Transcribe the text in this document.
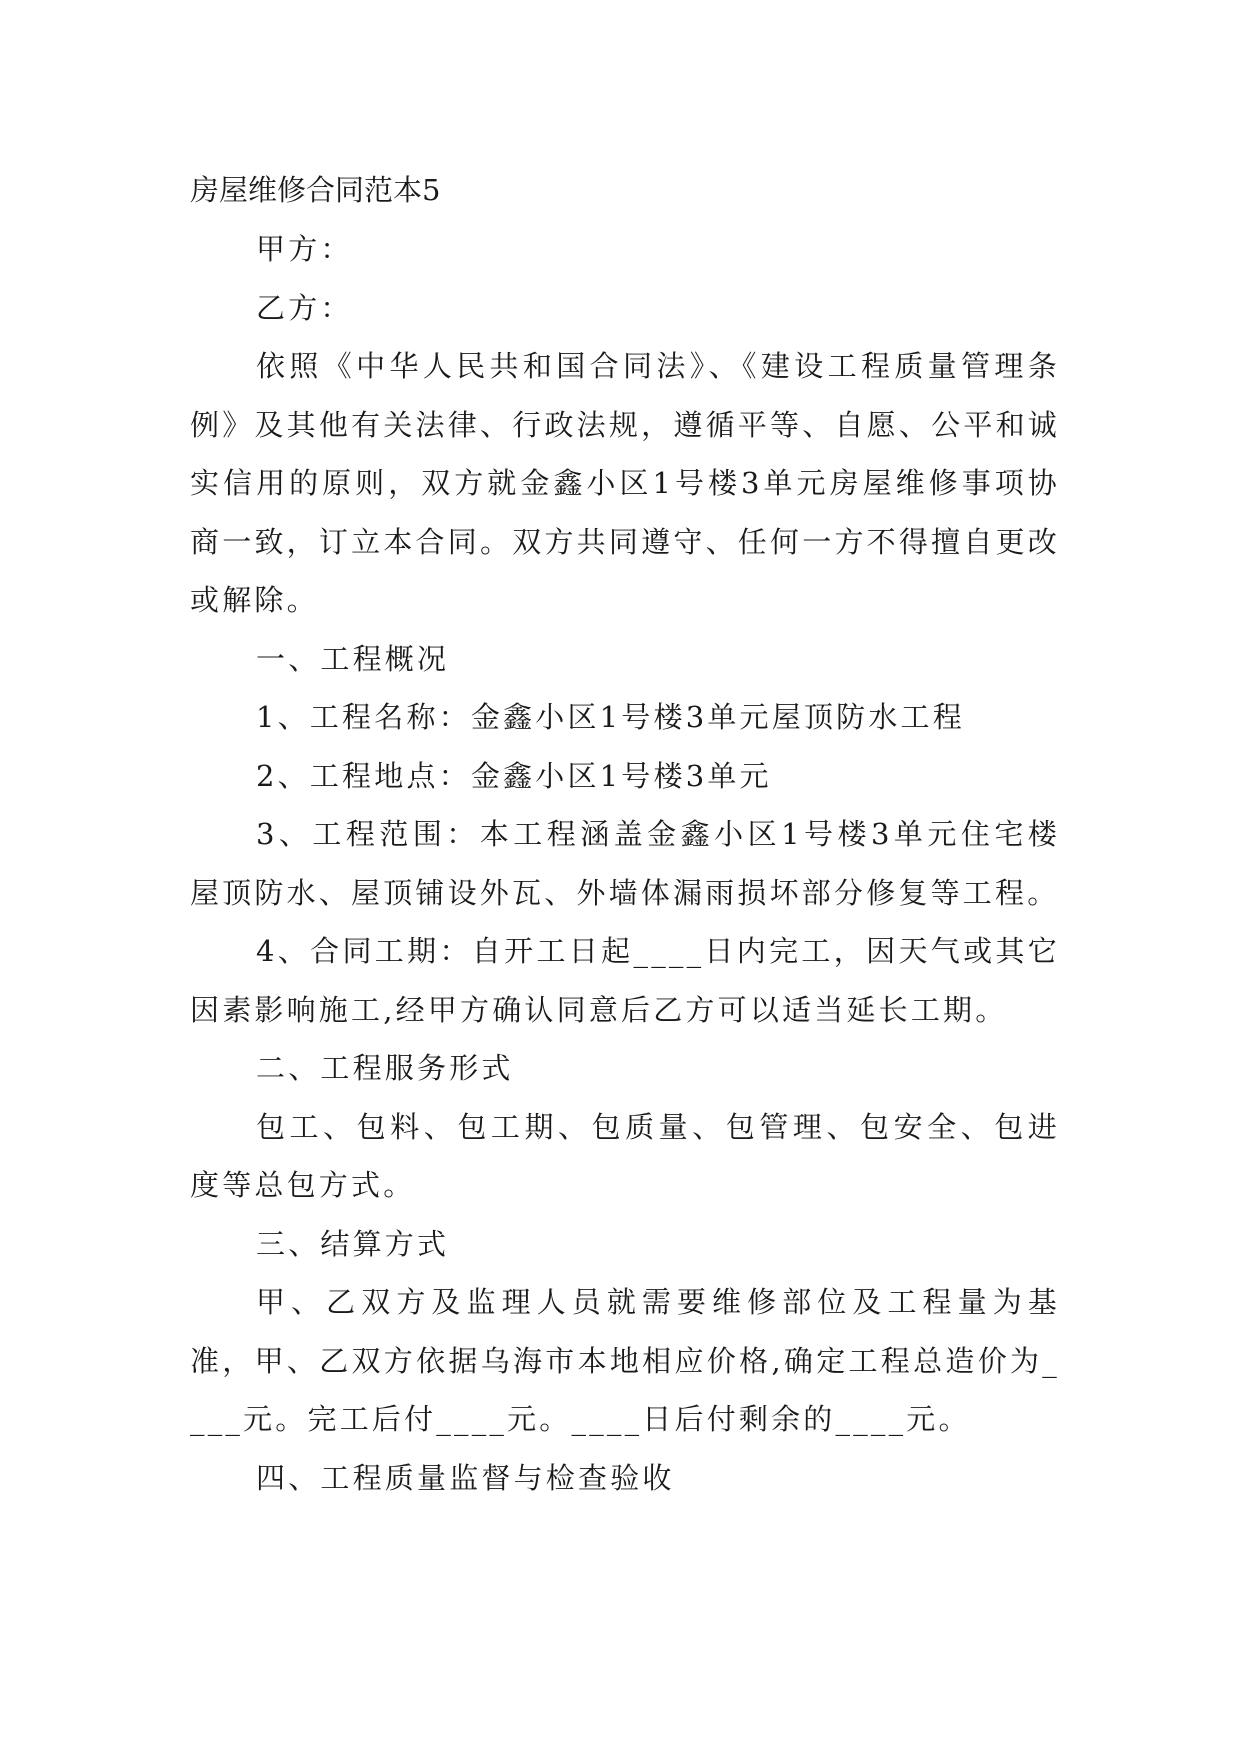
房屋维修合同范本5

甲方：

乙方：

依照《中华人民共和国合同法》、《建设工程质量管理条例》及其他有关法律、行政法规，遵循平等、自愿、公平和诚实信用的原则，双方就金鑫小区1号楼3单元房屋维修事项协商一致，订立本合同。双方共同遵守、任何一方不得擅自更改或解除。

一、工程概况

1、工程名称：金鑫小区1号楼3单元屋顶防水工程

2、工程地点：金鑫小区1号楼3单元

3、工程范围：本工程涵盖金鑫小区1号楼3单元住宅楼屋顶防水、屋顶铺设外瓦、外墙体漏雨损坏部分修复等工程。

4、合同工期：自开工日起____日内完工，因天气或其它因素影响施工,经甲方确认同意后乙方可以适当延长工期。

二、工程服务形式

包工、包料、包工期、包质量、包管理、包安全、包进度等总包方式。

三、结算方式

甲、乙双方及监理人员就需要维修部位及工程量为基准，甲、乙双方依据乌海市本地相应价格,确定工程总造价为____元。完工后付____元。____日后付剩余的____元。

四、工程质量监督与检查验收
